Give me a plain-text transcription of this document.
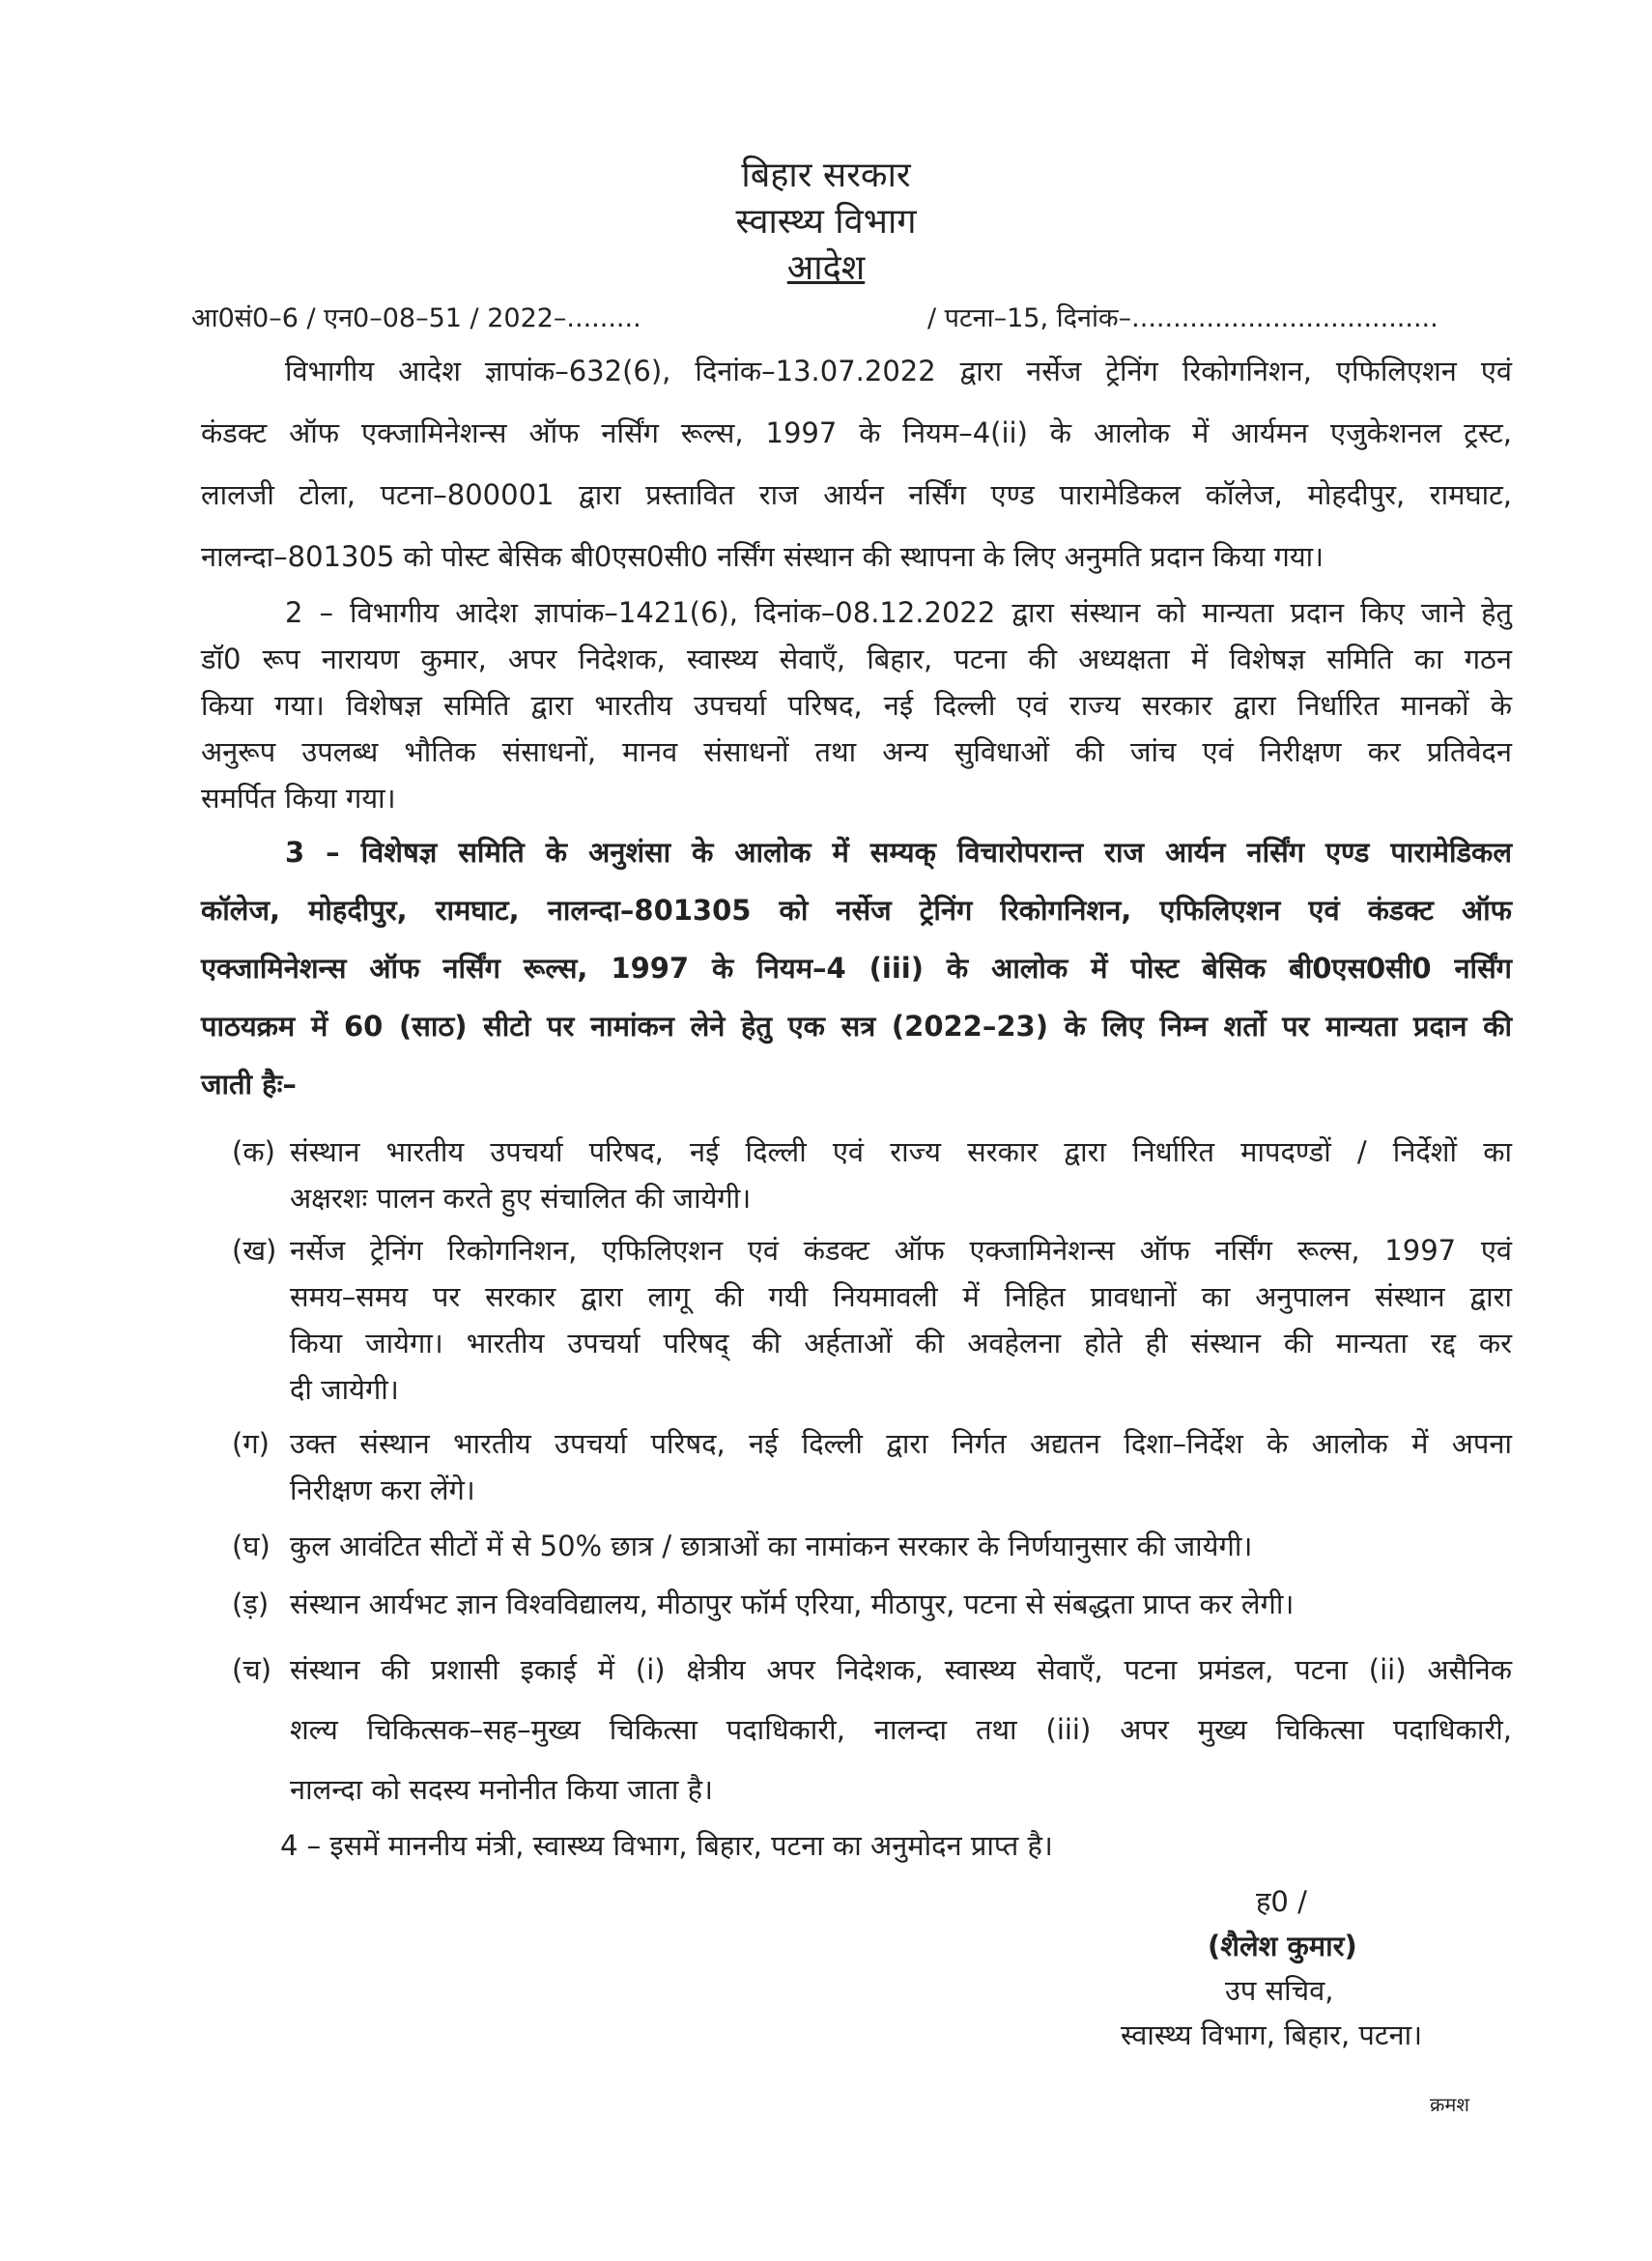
बिहार सरकार
स्वास्थ्य विभाग
आदेश
आ0सं0–6 / एन0–08–51 / 2022–.........	/ पटना–15, दिनांक–.....................................
विभागीय आदेश ज्ञापांक–632(6), दिनांक–13.07.2022 द्वारा नर्सेज ट्रेनिंग रिकोगनिशन, एफिलिएशन एवं
कंडक्ट ऑफ एक्जामिनेशन्स ऑफ नर्सिंग रूल्स, 1997 के नियम–4(ii) के आलोक में आर्यमन एजुकेशनल ट्रस्ट,
लालजी टोला, पटना–800001 द्वारा प्रस्तावित राज आर्यन नर्सिंग एण्ड पारामेडिकल कॉलेज, मोहदीपुर, रामघाट,
नालन्दा–801305 को पोस्ट बेसिक बी0एस0सी0 नर्सिंग संस्थान की स्थापना के लिए अनुमति प्रदान किया गया।
2 – विभागीय आदेश ज्ञापांक–1421(6), दिनांक–08.12.2022 द्वारा संस्थान को मान्यता प्रदान किए जाने हेतु
डॉ0 रूप नारायण कुमार, अपर निदेशक, स्वास्थ्य सेवाएँ, बिहार, पटना की अध्यक्षता में विशेषज्ञ समिति का गठन
किया गया। विशेषज्ञ समिति द्वारा भारतीय उपचर्या परिषद, नई दिल्ली एवं राज्य सरकार द्वारा निर्धारित मानकों के
अनुरूप उपलब्ध भौतिक संसाधनों, मानव संसाधनों तथा अन्य सुविधाओं की जांच एवं निरीक्षण कर प्रतिवेदन
समर्पित किया गया।
3 – विशेषज्ञ समिति के अनुशंसा के आलोक में सम्यक् विचारोपरान्त राज आर्यन नर्सिंग एण्ड पारामेडिकल
कॉलेज, मोहदीपुर, रामघाट, नालन्दा–801305 को नर्सेज ट्रेनिंग रिकोगनिशन, एफिलिएशन एवं कंडक्ट ऑफ
एक्जामिनेशन्स ऑफ नर्सिंग रूल्स, 1997 के नियम–4 (iii) के आलोक में पोस्ट बेसिक बी0एस0सी0 नर्सिंग
पाठयक्रम में 60 (साठ) सीटो पर नामांकन लेने हेतु एक सत्र (2022–23) के लिए निम्न शर्तो पर मान्यता प्रदान की
जाती हैः–
(क) संस्थान भारतीय उपचर्या परिषद, नई दिल्ली एवं राज्य सरकार द्वारा निर्धारित मापदण्डों / निर्देशों का
अक्षरशः पालन करते हुए संचालित की जायेगी।
(ख) नर्सेज ट्रेनिंग रिकोगनिशन, एफिलिएशन एवं कंडक्ट ऑफ एक्जामिनेशन्स ऑफ नर्सिंग रूल्स, 1997 एवं
समय–समय पर सरकार द्वारा लागू की गयी नियमावली में निहित प्रावधानों का अनुपालन संस्थान द्वारा
किया जायेगा। भारतीय उपचर्या परिषद् की अर्हताओं की अवहेलना होते ही संस्थान की मान्यता रद्द कर
दी जायेगी।
(ग) उक्त संस्थान भारतीय उपचर्या परिषद, नई दिल्ली द्वारा निर्गत अद्यतन दिशा–निर्देश के आलोक में अपना
निरीक्षण करा लेंगे।
(घ) कुल आवंटित सीटों में से 50% छात्र / छात्राओं का नामांकन सरकार के निर्णयानुसार की जायेगी।
(ड़) संस्थान आर्यभट ज्ञान विश्वविद्यालय, मीठापुर फॉर्म एरिया, मीठापुर, पटना से संबद्धता प्राप्त कर लेगी।
(च) संस्थान की प्रशासी इकाई में (i) क्षेत्रीय अपर निदेशक, स्वास्थ्य सेवाएँ, पटना प्रमंडल, पटना (ii) असैनिक
शल्य चिकित्सक–सह–मुख्य चिकित्सा पदाधिकारी, नालन्दा तथा (iii) अपर मुख्य चिकित्सा पदाधिकारी,
नालन्दा को सदस्य मनोनीत किया जाता है।
4 – इसमें माननीय मंत्री, स्वास्थ्य विभाग, बिहार, पटना का अनुमोदन प्राप्त है।
ह0 /
(शैलेश कुमार)
उप सचिव,
स्वास्थ्य विभाग, बिहार, पटना।
क्रमश
